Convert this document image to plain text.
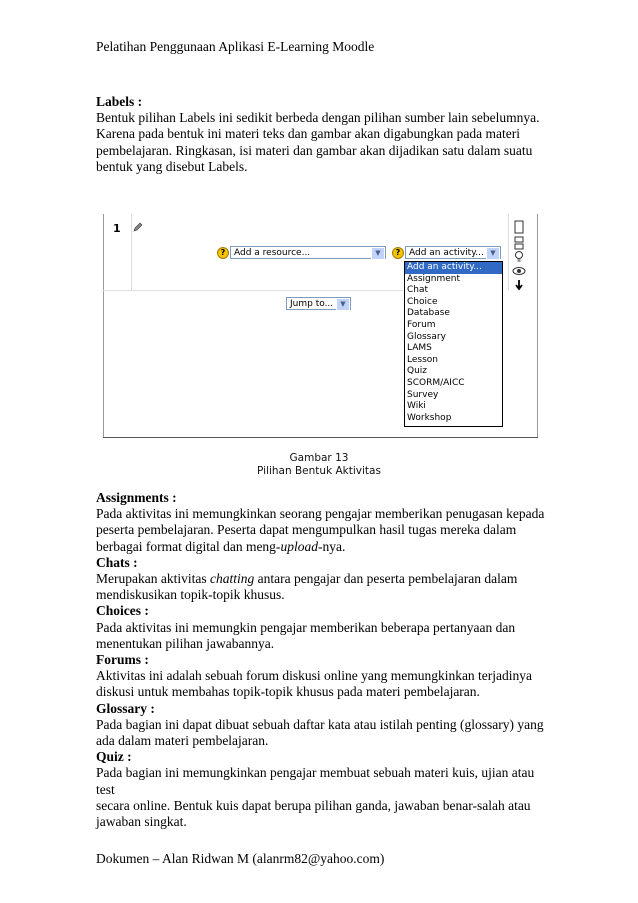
Pelatihan Penggunaan Aplikasi E-Learning Moodle
Labels :
Bentuk pilihan Labels ini sedikit berbeda dengan pilihan sumber lain sebelumnya.
Karena pada bentuk ini materi teks dan gambar akan digabungkan pada materi
pembelajaran. Ringkasan, isi materi dan gambar akan dijadikan satu dalam suatu
bentuk yang disebut Labels.
1
? Add a resource...	▼	? Add an activity... ▼
Add an activity...
Assignment
Chat
Choice
Database
Forum
Glossary
LAMS
Lesson
Quiz
SCORM/AICC
Survey
Wiki
Workshop
Jump to...	▼
Gambar 13
Pilihan Bentuk Aktivitas
Assignments :
Pada aktivitas ini memungkinkan seorang pengajar memberikan penugasan kepada
peserta pembelajaran. Peserta dapat mengumpulkan hasil tugas mereka dalam
berbagai format digital dan meng-upload-nya.
Chats :
Merupakan aktivitas chatting antara pengajar dan peserta pembelajaran dalam
mendiskusikan topik-topik khusus.
Choices :
Pada aktivitas ini memungkin pengajar memberikan beberapa pertanyaan dan
menentukan pilihan jawabannya.
Forums :
Aktivitas ini adalah sebuah forum diskusi online yang memungkinkan terjadinya
diskusi untuk membahas topik-topik khusus pada materi pembelajaran.
Glossary :
Pada bagian ini dapat dibuat sebuah daftar kata atau istilah penting (glossary) yang
ada dalam materi pembelajaran.
Quiz :
Pada bagian ini memungkinkan pengajar membuat sebuah materi kuis, ujian atau test
secara online. Bentuk kuis dapat berupa pilihan ganda, jawaban benar-salah atau
jawaban singkat.
Dokumen – Alan Ridwan M (alanrm82@yahoo.com)
